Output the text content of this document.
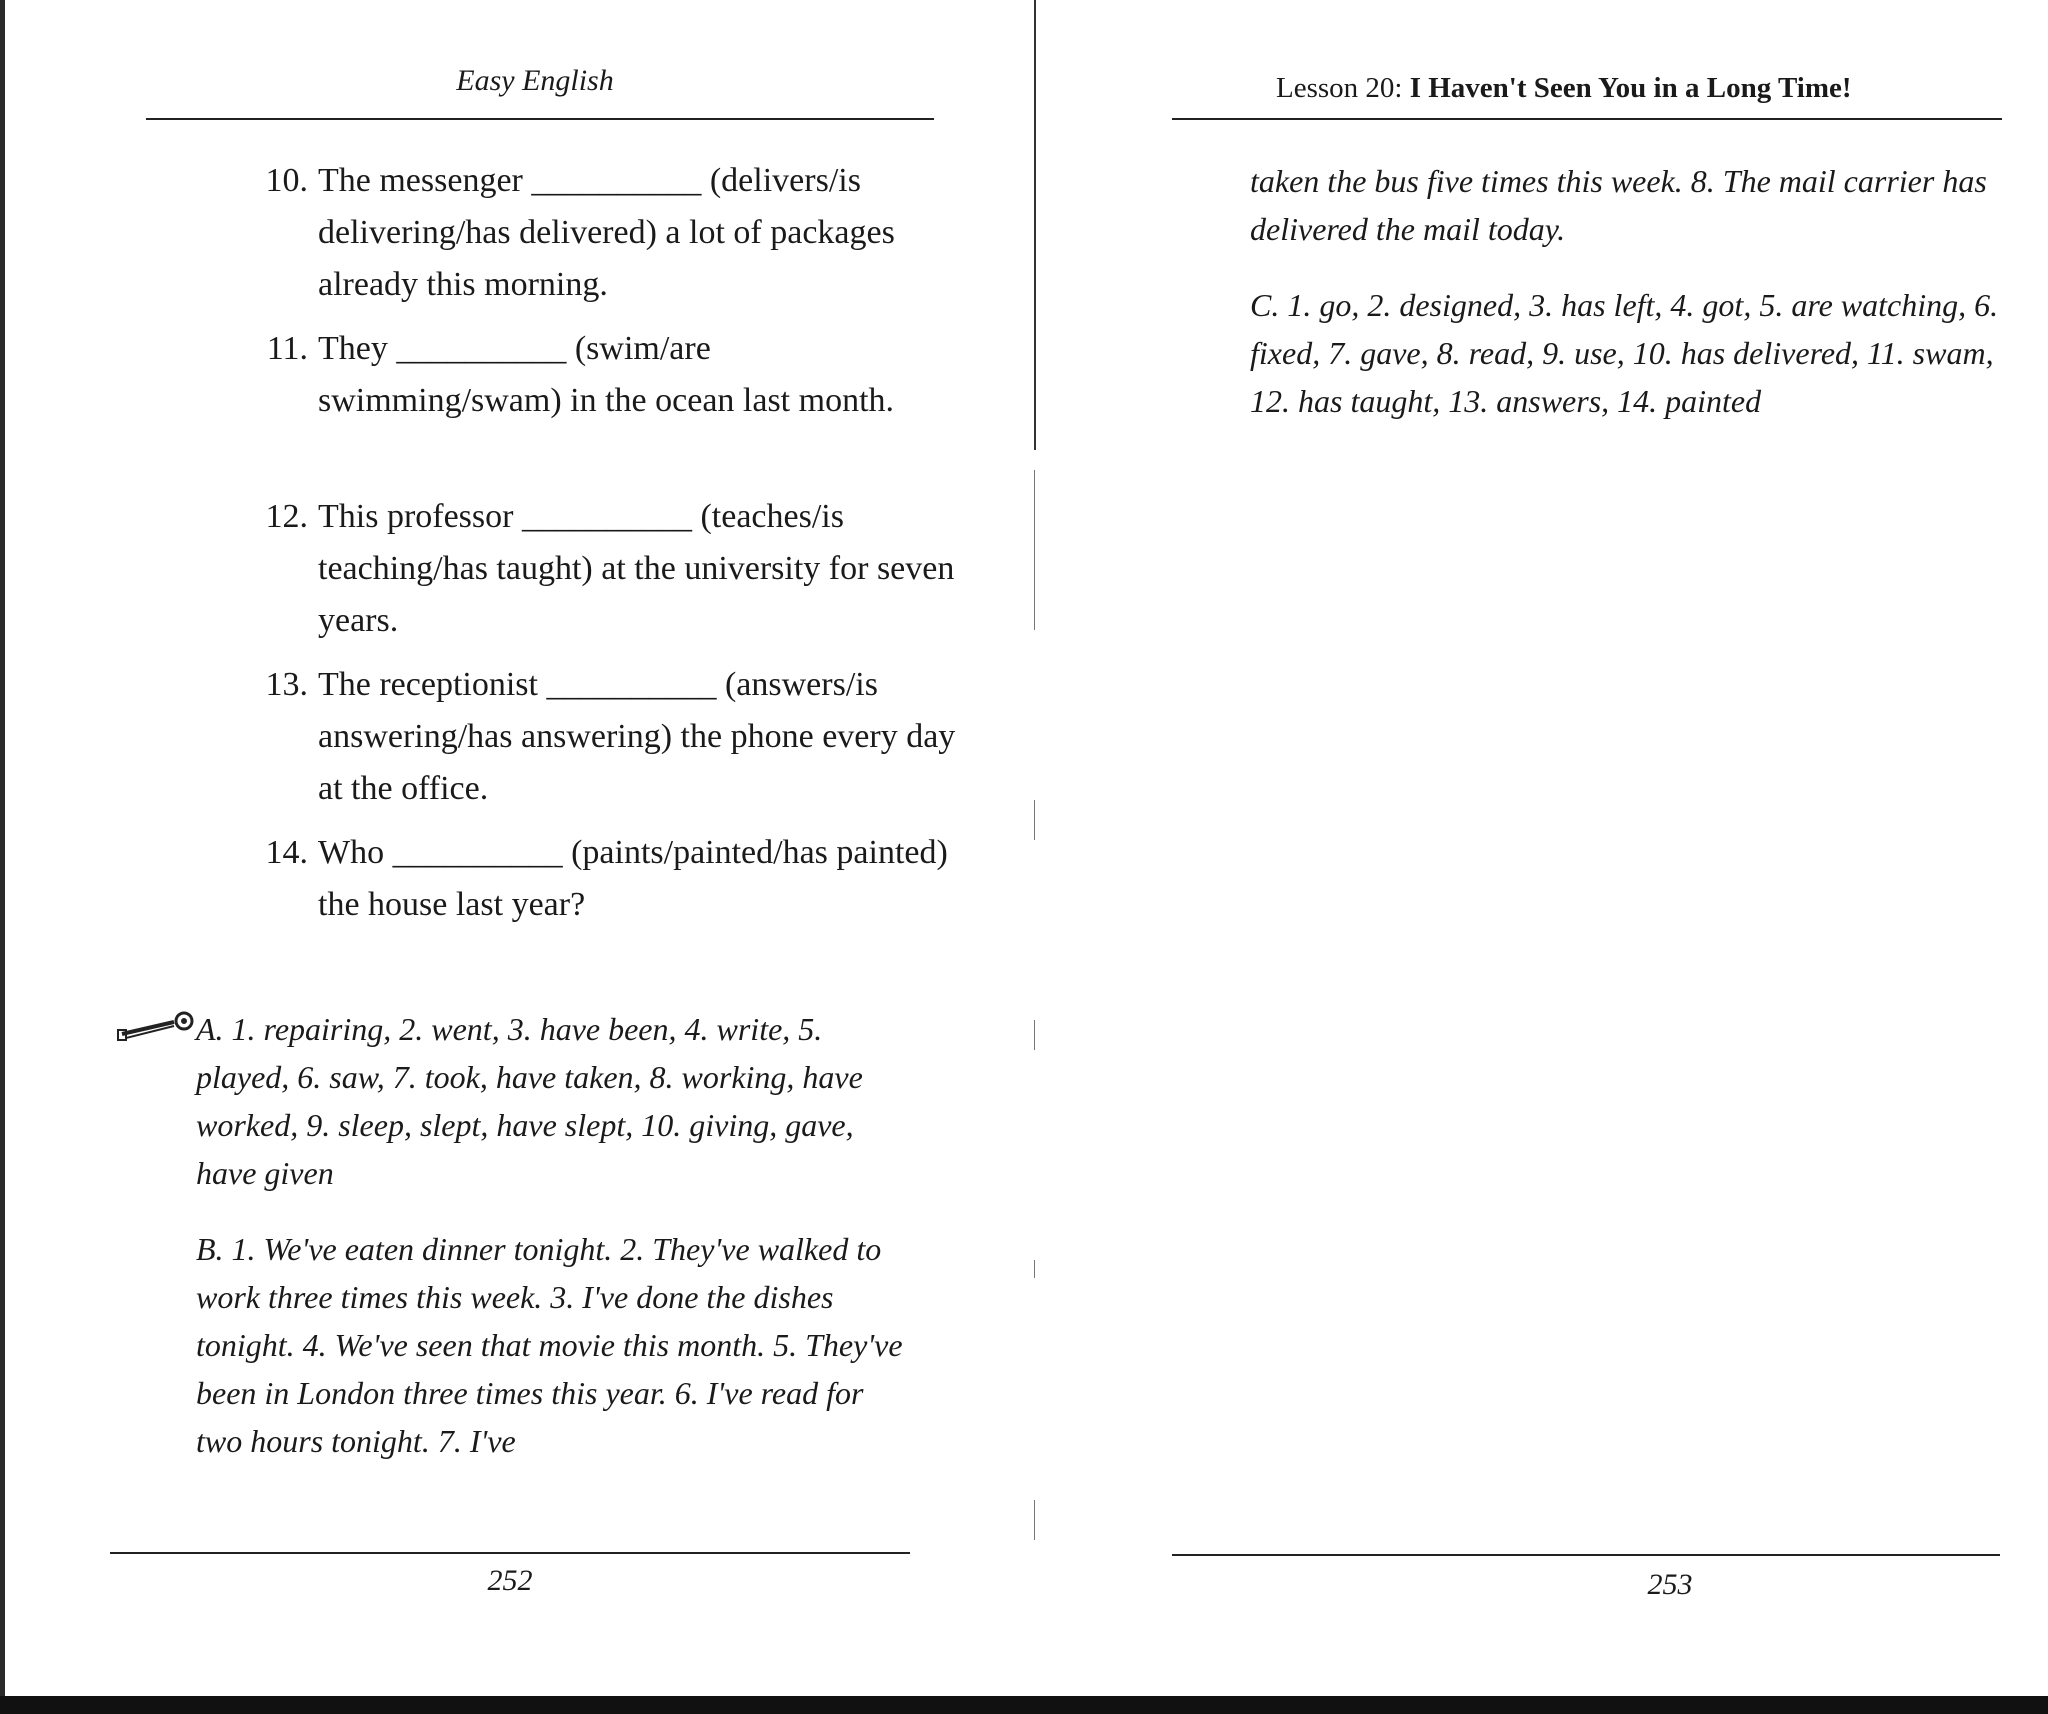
Easy English
10. The messenger __________ (delivers/is delivering/has delivered) a lot of packages already this morning.
11. They __________ (swim/are swimming/swam) in the ocean last month.
12. This professor __________ (teaches/is teaching/has taught) at the university for seven years.
13. The receptionist __________ (answers/is answering/has answering) the phone every day at the office.
14. Who __________ (paints/painted/has painted) the house last year?
A. 1. repairing, 2. went, 3. have been, 4. write, 5. played, 6. saw, 7. took, have taken, 8. working, have worked, 9. sleep, slept, have slept, 10. giving, gave, have given
B. 1. We've eaten dinner tonight. 2. They've walked to work three times this week. 3. I've done the dishes tonight. 4. We've seen that movie this month. 5. They've been in London three times this year. 6. I've read for two hours tonight. 7. I've
252
Lesson 20: I Haven't Seen You in a Long Time!
taken the bus five times this week. 8. The mail carrier has delivered the mail today.
C. 1. go, 2. designed, 3. has left, 4. got, 5. are watching, 6. fixed, 7. gave, 8. read, 9. use, 10. has delivered, 11. swam, 12. has taught, 13. answers, 14. painted
253
